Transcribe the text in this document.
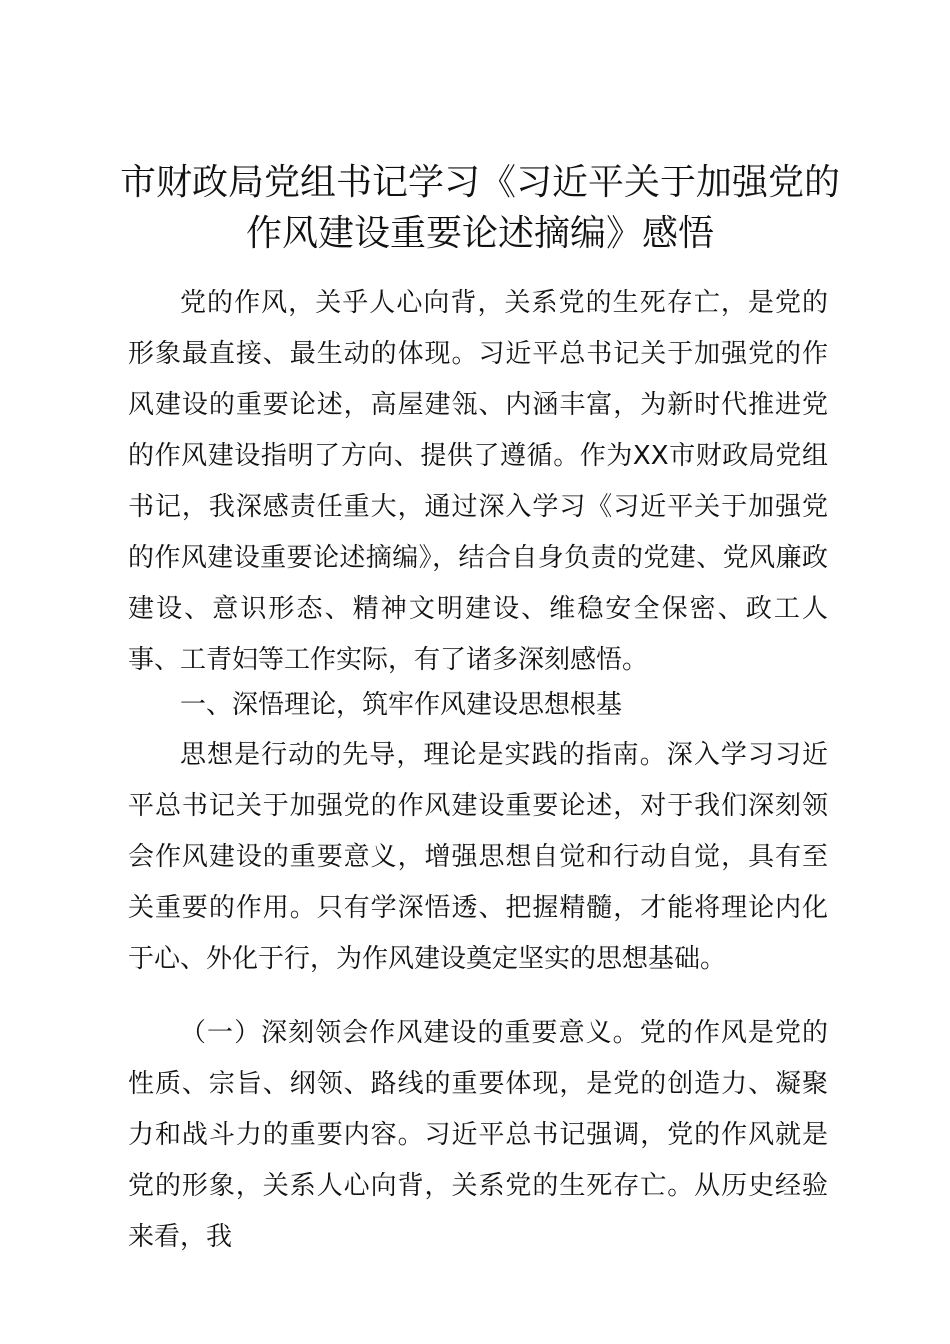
市财政局党组书记学习《习近平关于加强党的
作风建设重要论述摘编》感悟

党的作风，关乎人心向背，关系党的生死存亡，是党的形象最直接、最生动的体现。习近平总书记关于加强党的作风建设的重要论述，高屋建瓴、内涵丰富，为新时代推进党的作风建设指明了方向、提供了遵循。作为XX市财政局党组书记，我深感责任重大，通过深入学习《习近平关于加强党的作风建设重要论述摘编》，结合自身负责的党建、党风廉政建设、意识形态、精神文明建设、维稳安全保密、政工人事、工青妇等工作实际，有了诸多深刻感悟。

一、深悟理论，筑牢作风建设思想根基

思想是行动的先导，理论是实践的指南。深入学习习近平总书记关于加强党的作风建设重要论述，对于我们深刻领会作风建设的重要意义，增强思想自觉和行动自觉，具有至关重要的作用。只有学深悟透、把握精髓，才能将理论内化于心、外化于行，为作风建设奠定坚实的思想基础。

（一）深刻领会作风建设的重要意义。党的作风是党的性质、宗旨、纲领、路线的重要体现，是党的创造力、凝聚力和战斗力的重要内容。习近平总书记强调，党的作风就是党的形象，关系人心向背，关系党的生死存亡。从历史经验来看，我
